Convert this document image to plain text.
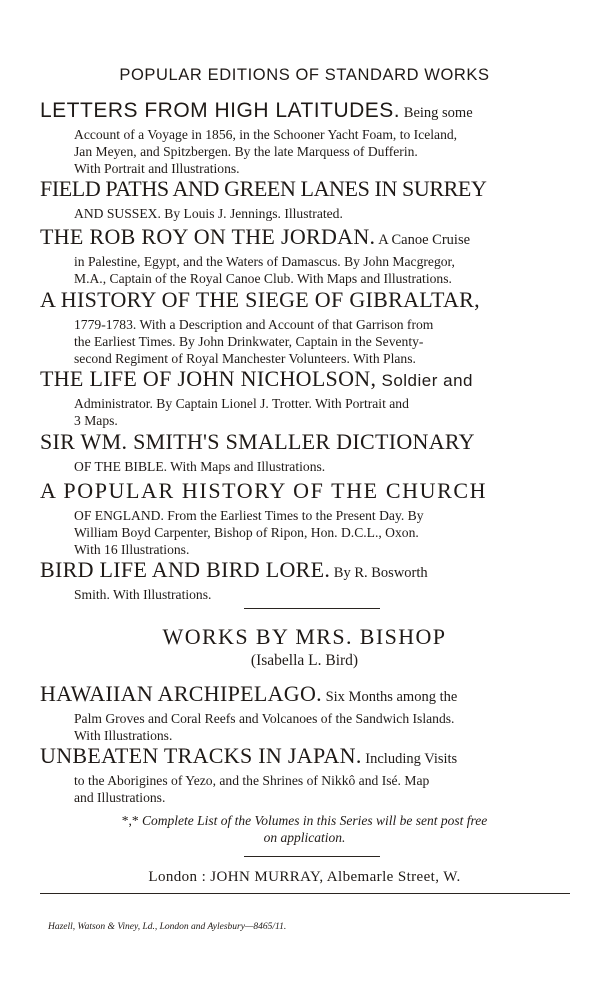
POPULAR EDITIONS OF STANDARD WORKS
LETTERS FROM HIGH LATITUDES. Being some
Account of a Voyage in 1856, in the Schooner Yacht Foam, to Iceland,
Jan Meyen, and Spitzbergen. By the late Marquess of Dufferin.
With Portrait and Illustrations.
FIELD PATHS AND GREEN LANES IN SURREY
AND SUSSEX. By Louis J. Jennings. Illustrated.
THE ROB ROY ON THE JORDAN. A Canoe Cruise
in Palestine, Egypt, and the Waters of Damascus. By John Macgregor,
M.A., Captain of the Royal Canoe Club. With Maps and Illustrations.
A HISTORY OF THE SIEGE OF GIBRALTAR,
1779-1783. With a Description and Account of that Garrison from
the Earliest Times. By John Drinkwater, Captain in the Seventy-
second Regiment of Royal Manchester Volunteers. With Plans.
THE LIFE OF JOHN NICHOLSON, Soldier and
Administrator. By Captain Lionel J. Trotter. With Portrait and
3 Maps.
SIR WM. SMITH'S SMALLER DICTIONARY
OF THE BIBLE. With Maps and Illustrations.
A POPULAR HISTORY OF THE CHURCH
OF ENGLAND. From the Earliest Times to the Present Day. By
William Boyd Carpenter, Bishop of Ripon, Hon. D.C.L., Oxon.
With 16 Illustrations.
BIRD LIFE AND BIRD LORE. By R. Bosworth
Smith. With Illustrations.
WORKS BY MRS. BISHOP
(Isabella L. Bird)
HAWAIIAN ARCHIPELAGO. Six Months among the
Palm Groves and Coral Reefs and Volcanoes of the Sandwich Islands.
With Illustrations.
UNBEATEN TRACKS IN JAPAN. Including Visits
to the Aborigines of Yezo, and the Shrines of Nikkô and Isé. Map
and Illustrations.
*,* Complete List of the Volumes in this Series will be sent post free
on application.
London : JOHN MURRAY, Albemarle Street, W.
Hazell, Watson & Viney, Ld., London and Aylesbury—8465/11.
